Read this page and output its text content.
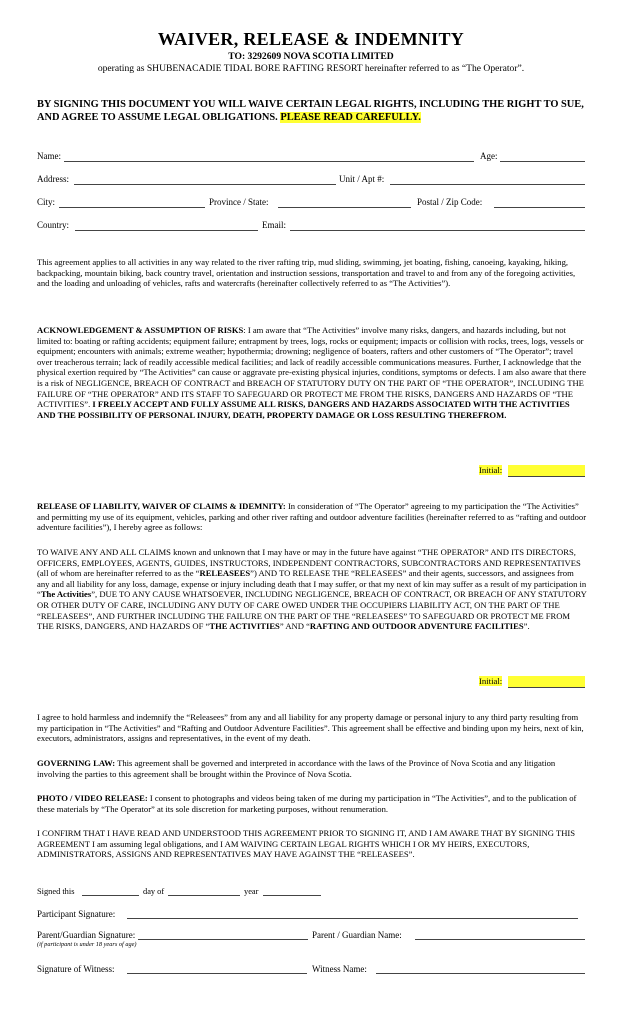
WAIVER, RELEASE & INDEMNITY
TO: 3292609 NOVA SCOTIA LIMITED
operating as SHUBENACADIE TIDAL BORE RAFTING RESORT hereinafter referred to as “The Operator”.
BY SIGNING THIS DOCUMENT YOU WILL WAIVE CERTAIN LEGAL RIGHTS, INCLUDING THE RIGHT TO SUE, AND AGREE TO ASSUME LEGAL OBLIGATIONS. PLEASE READ CAREFULLY.
Name:	Age:
Address:	Unit / Apt #:
City:	Province / State:	Postal / Zip Code:
Country:	Email:
This agreement applies to all activities in any way related to the river rafting trip, mud sliding, swimming, jet boating, fishing, canoeing, kayaking, hiking, backpacking, mountain biking, back country travel, orientation and instruction sessions, transportation and travel to and from any of the foregoing activities, and the loading and unloading of vehicles, rafts and watercrafts (hereinafter collectively referred to as “The Activities”).
ACKNOWLEDGEMENT & ASSUMPTION OF RISKS: I am aware that “The Activities” involve many risks, dangers, and hazards including, but not limited to: boating or rafting accidents; equipment failure; entrapment by trees, logs, rocks or equipment; impacts or collision with rocks, trees, logs, vessels or equipment; encounters with animals; extreme weather; hypothermia; drowning; negligence of boaters, rafters and other customers of “The Operator”; travel over treacherous terrain; lack of readily accessible medical facilities; and lack of readily accessible communications measures. Further, I acknowledge that the physical exertion required by “The Activities” can cause or aggravate pre-existing physical injuries, conditions, symptoms or defects. I am also aware that there is a risk of NEGLIGENCE, BREACH OF CONTRACT and BREACH OF STATUTORY DUTY ON THE PART OF “THE OPERATOR”, INCLUDING THE FAILURE OF “THE OPERATOR” AND ITS STAFF TO SAFEGUARD OR PROTECT ME FROM THE RISKS, DANGERS AND HAZARDS OF “THE ACTIVITIES”. I FREELY ACCEPT AND FULLY ASSUME ALL RISKS, DANGERS AND HAZARDS ASSOCIATED WITH THE ACTIVITIES AND THE POSSIBILITY OF PERSONAL INJURY, DEATH, PROPERTY DAMAGE OR LOSS RESULTING THEREFROM.
Initial:
RELEASE OF LIABILITY, WAIVER OF CLAIMS & IDEMNITY: In consideration of “The Operator” agreeing to my participation the “The Activities” and permitting my use of its equipment, vehicles, parking and other river rafting and outdoor adventure facilities (hereinafter referred to as “rafting and outdoor adventure facilities”), I hereby agree as follows:
TO WAIVE ANY AND ALL CLAIMS known and unknown that I may have or may in the future have against “THE OPERATOR” AND ITS DIRECTORS, OFFICERS, EMPLOYEES, AGENTS, GUIDES, INSTRUCTORS, INDEPENDENT CONTRACTORS, SUBCONTRACTORS AND REPRESENTATIVES (all of whom are hereinafter referred to as the “RELEASEES”) AND TO RELEASE THE “RELEASEES” and their agents, successors, and assignees from any and all liability for any loss, damage, expense or injury including death that I may suffer, or that my next of kin may suffer as a result of my participation in “The Activities”, DUE TO ANY CAUSE WHATSOEVER, INCLUDING NEGLIGENCE, BREACH OF CONTRACT, OR BREACH OF ANY STATUTORY OR OTHER DUTY OF CARE, INCLUDING ANY DUTY OF CARE OWED UNDER THE OCCUPIERS LIABILITY ACT, ON THE PART OF THE “RELEASEES”, AND FURTHER INCLUDING THE FAILURE ON THE PART OF THE “RELEASEES” TO SAFEGUARD OR PROTECT ME FROM THE RISKS, DANGERS, AND HAZARDS OF “THE ACTIVITIES” AND “RAFTING AND OUTDOOR ADVENTURE FACILITIES”.
Initial:
I agree to hold harmless and indemnify the “Releasees” from any and all liability for any property damage or personal injury to any third party resulting from my participation in “The Activities” and “Rafting and Outdoor Adventure Facilities”. This agreement shall be effective and binding upon my heirs, next of kin, executors, administrators, assigns and representatives, in the event of my death.
GOVERNING LAW: This agreement shall be governed and interpreted in accordance with the laws of the Province of Nova Scotia and any litigation involving the parties to this agreement shall be brought within the Province of Nova Scotia.
PHOTO / VIDEO RELEASE: I consent to photographs and videos being taken of me during my participation in “The Activities”, and to the publication of these materials by “The Operator” at its sole discretion for marketing purposes, without renumeration.
I CONFIRM THAT I HAVE READ AND UNDERSTOOD THIS AGREEMENT PRIOR TO SIGNING IT, AND I AM AWARE THAT BY SIGNING THIS AGREEMENT I am assuming legal obligations, and I AM WAIVING CERTAIN LEGAL RIGHTS WHICH I OR MY HEIRS, EXECUTORS, ADMINISTRATORS, ASSIGNS AND REPRESENTATIVES MAY HAVE AGAINST THE “RELEASEES”.
Signed this	day of	year
Participant Signature:
Parent/Guardian Signature:	Parent / Guardian Name:
(if participant is under 18 years of age)
Signature of Witness:	Witness Name:
